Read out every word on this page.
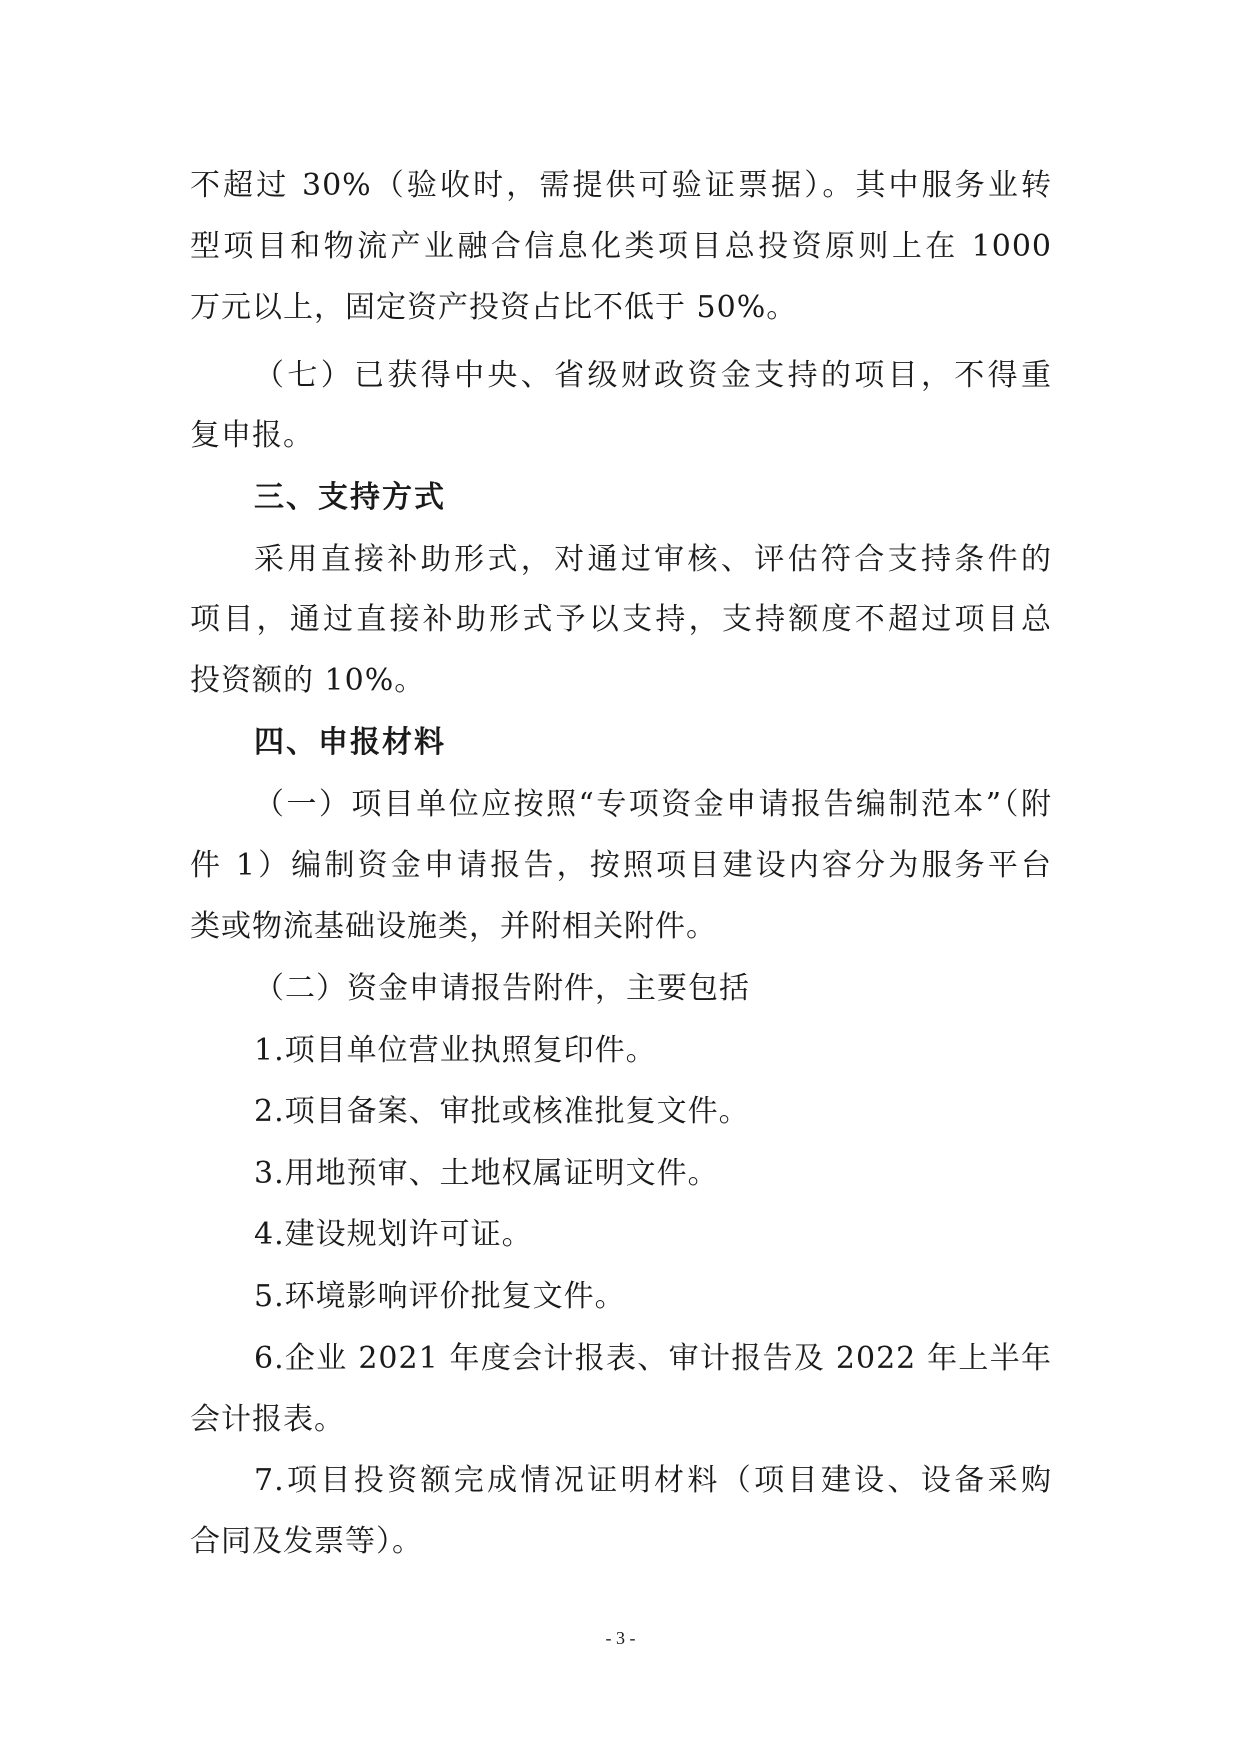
不超过 30%（验收时，需提供可验证票据）。其中服务业转
型项目和物流产业融合信息化类项目总投资原则上在 1000
万元以上，固定资产投资占比不低于 50%。
（七）已获得中央、省级财政资金支持的项目，不得重
复申报。
三、支持方式
采用直接补助形式，对通过审核、评估符合支持条件的
项目，通过直接补助形式予以支持，支持额度不超过项目总
投资额的 10%。
四、申报材料
（一）项目单位应按照“专项资金申请报告编制范本”（附
件 1）编制资金申请报告，按照项目建设内容分为服务平台
类或物流基础设施类，并附相关附件。
（二）资金申请报告附件，主要包括
1.项目单位营业执照复印件。
2.项目备案、审批或核准批复文件。
3.用地预审、土地权属证明文件。
4.建设规划许可证。
5.环境影响评价批复文件。
6.企业 2021 年度会计报表、审计报告及 2022 年上半年
会计报表。
7.项目投资额完成情况证明材料（项目建设、设备采购
合同及发票等）。
- 3 -
